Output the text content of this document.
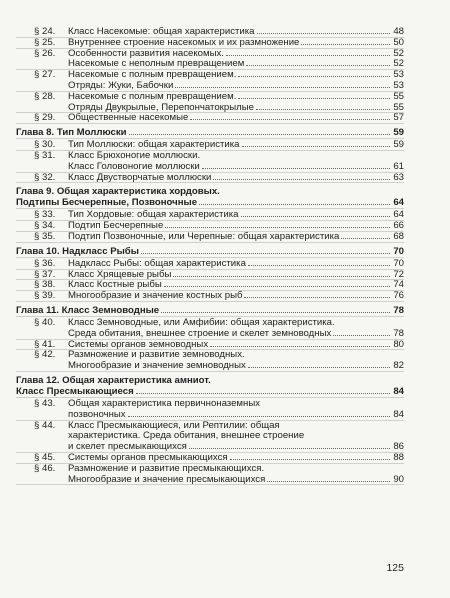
§ 24.	Класс Насекомые: общая характеристика	48
§ 25.	Внутреннее строение насекомых и их размножение	50
§ 26.	Особенности развития насекомых.	52
Насекомые с неполным превращением	52
§ 27.	Насекомые с полным превращением.	53
Отряды: Жуки, Бабочки	53
§ 28.	Насекомые с полным превращением.	55
Отряды Двукрылые, Перепончатокрылые	55
§ 29.	Общественные насекомые	57
Глава 8. Тип Моллюски	59
§ 30.	Тип Моллюски: общая характеристика	59
§ 31.	Класс Брюхоногие моллюски.
Класс Головоногие моллюски	61
§ 32.	Класс Двустворчатые моллюски	63
Глава 9. Общая характеристика хордовых.
Подтипы Бесчерепные, Позвоночные	64
§ 33.	Тип Хордовые: общая характеристика	64
§ 34.	Подтип Бесчерепные	66
§ 35.	Подтип Позвоночные, или Черепные: общая характеристика	68
Глава 10. Надкласс Рыбы	70
§ 36.	Надкласс Рыбы: общая характеристика	70
§ 37.	Класс Хрящевые рыбы	72
§ 38.	Класс Костные рыбы	74
§ 39.	Многообразие и значение костных рыб	76
Глава 11. Класс Земноводные	78
§ 40.	Класс Земноводные, или Амфибии: общая характеристика.
Среда обитания, внешнее строение и скелет земноводных	78
§ 41.	Системы органов земноводных	80
§ 42.	Размножение и развитие земноводных.
Многообразие и значение земноводных	82
Глава 12. Общая характеристика амниот.
Класс Пресмыкающиеся	84
§ 43.	Общая характеристика первичноназемных
позвоночных	84
§ 44.	Класс Пресмыкающиеся, или Рептилии: общая
характеристика. Среда обитания, внешнее строение
и скелет пресмыкающихся	86
§ 45.	Системы органов пресмыкающихся	88
§ 46.	Размножение и развитие пресмыкающихся.
Многообразие и значение пресмыкающихся	90
125
